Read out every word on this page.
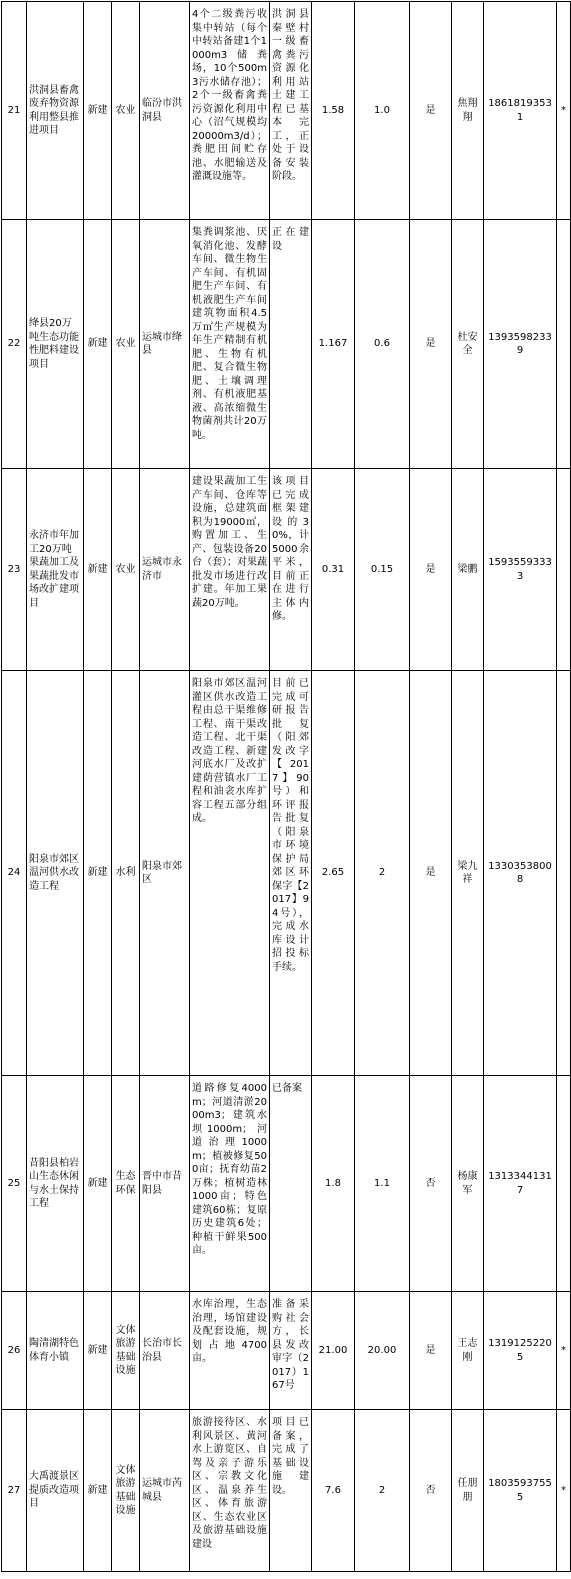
21	洪洞县畜禽废弃物资源利用整县推进项目	新建	农业	临汾市洪洞县	4个二级粪污收集中转站（每个中转站备建1个1000m3储粪场，10个500m3污水储存池）；2个一级畜禽粪污资源化利用中心（沼气规模均20000m3/d）；粪肥田间贮存池、水肥输送及灌溉设施等。	洪洞县秦壁村一级畜禽粪污资源化利用站土建工程已基本完工，正处于设备安装阶段。	1.58	1.0	是	焦翔翔	18618193531	*
22	绛县20万吨生态功能性肥料建设项目	新建	农业	运城市绛县	集粪调浆池、厌氧消化池、发酵车间、微生物生产车间、有机固肥生产车间、有机液肥生产车间建筑物面积4.5万㎡生产规模为年生产精制有机肥、生物有机肥、复合微生物肥、土壤调理剂、有机液肥基液、高浓缩微生物菌剂共计20万吨。	正在建设	1.167	0.6	是	杜安全	13935982339	
23	永济市年加工20万吨果蔬加工及果蔬批发市场改扩建项目	新建	农业	运城市永济市	建设果蔬加工生产车间、仓库等设施，总建筑面积为19000㎡，购置加工、生产、包装设备20台（套）；对果蔬批发市场进行改扩建。年加工果蔬20万吨。	该项目已完成框架建设的30%，计5000余平米，目前正在进行主体内修。	0.31	0.15	是	梁鹏	15935593333	
24	阳泉市郊区温河供水改造工程	新建	水利	阳泉市郊区	阳泉市郊区温河灌区供水改造工程由总干渠维修工程、南干渠改造工程、北干渠改造工程、新建河底水厂及改扩建荫营镇水厂工程和油衾水库扩容工程五部分组成。	目前已完成可研报告批复（阳郊发改字【2017】90号）和环评报告批复（阳泉市环境保护局郊区环保字【2017】94号），完成水库设计招投标手续。	2.65	2	是	梁九祥	13303538008	
25	昔阳县柏岩山生态休闲与水土保持工程	新建	生态环保	晋中市昔阳县	道路修复4000m；河道清淤2000m3；建筑水坝1000m；河道治理1000m；植被修复500亩；抚育幼苗2万株；植树造林1000亩；特色建筑60栋；复原历史建筑6处；种植干鲜果500亩。	已备案	1.8	1.1	否	杨康军	13133441317	
26	陶清湖特色体育小镇	新建	文体旅游基础设施	长治市长治县	水库治理，生态治理，场馆建设及配套设施，规划占地4700亩。	准备采购社会方，长县发改审字（2017）167号	21.00	20.00	是	王志刚	13191252205	*
27	大禹渡景区提质改造项目	新建	文体旅游基础设施	运城市芮城县	旅游接待区、水利风景区、黄河水上游览区、自驾及亲子游乐区、宗教文化区、温泉养生区、体育旅游区、生态农业区及旅游基础设施建设	项目已备案，完成了基础设施建设。	7.6	2	否	任朋朋	18035937555	*
